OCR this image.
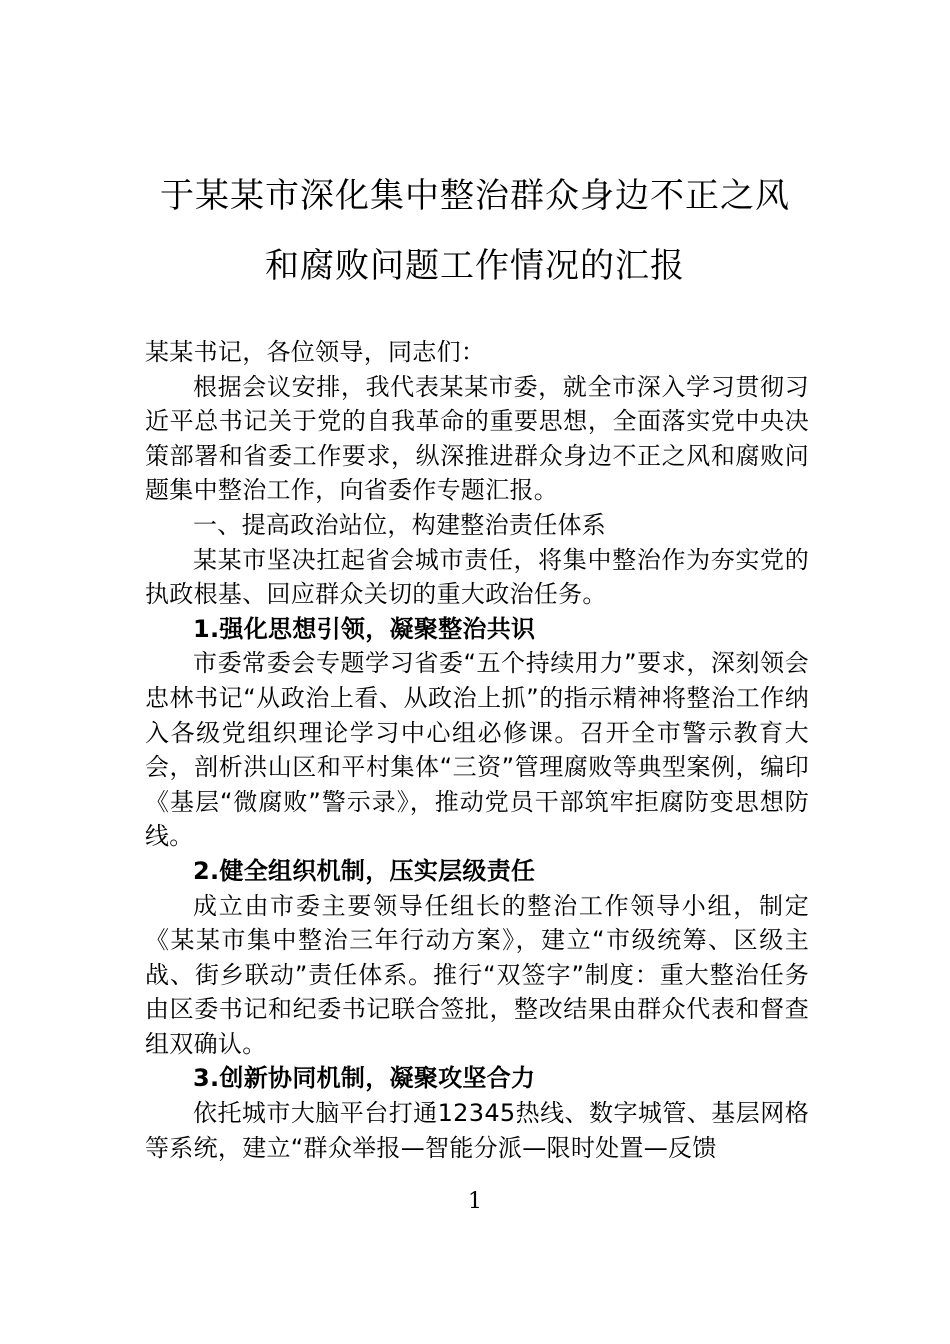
于某某市深化集中整治群众身边不正之风
和腐败问题工作情况的汇报

某某书记，各位领导，同志们：

根据会议安排，我代表某某市委，就全市深入学习贯彻习近平总书记关于党的自我革命的重要思想，全面落实党中央决策部署和省委工作要求，纵深推进群众身边不正之风和腐败问题集中整治工作，向省委作专题汇报。

一、提高政治站位，构建整治责任体系

某某市坚决扛起省会城市责任，将集中整治作为夯实党的执政根基、回应群众关切的重大政治任务。

1.强化思想引领，凝聚整治共识

市委常委会专题学习省委“五个持续用力”要求，深刻领会忠林书记“从政治上看、从政治上抓”的指示精神将整治工作纳入各级党组织理论学习中心组必修课。召开全市警示教育大会，剖析洪山区和平村集体“三资”管理腐败等典型案例，编印《基层“微腐败”警示录》，推动党员干部筑牢拒腐防变思想防线。

2.健全组织机制，压实层级责任

成立由市委主要领导任组长的整治工作领导小组，制定《某某市集中整治三年行动方案》，建立“市级统筹、区级主战、街乡联动”责任体系。推行“双签字”制度：重大整治任务由区委书记和纪委书记联合签批，整改结果由群众代表和督查组双确认。

3.创新协同机制，凝聚攻坚合力

依托城市大脑平台打通12345热线、数字城管、基层网格等系统，建立“群众举报—智能分派—限时处置—反馈

1
